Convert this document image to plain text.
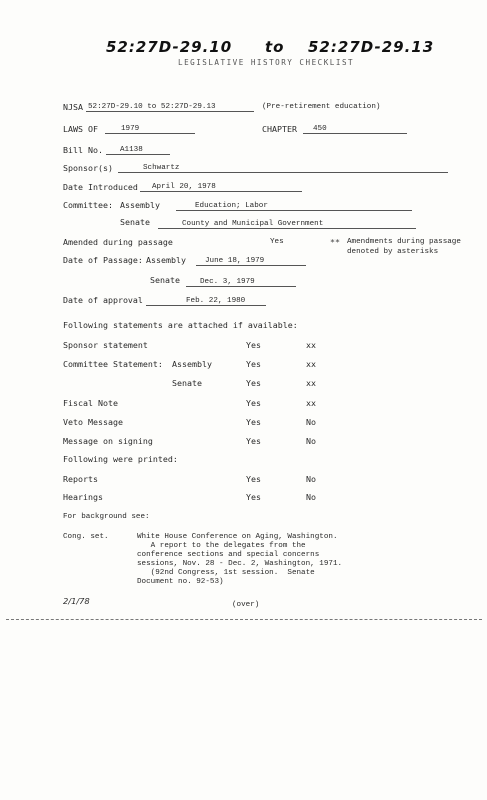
52:27D-29.10 to 52:27D-29.13
LEGISLATIVE HISTORY CHECKLIST
NJSA 52:27D-29.10 to 52:27D-29.13	(Pre-retirement education)
LAWS OF	1979	CHAPTER 450
Bill No. A1138
Sponsor(s)	Schwartz
Date Introduced April 20, 1978
Committee: Assembly	Education; Labor
Senate	County and Municipal Government
Amended during passage	Yes	** Amendments during passage
denoted by asterisks
Date of Passage: Assembly	June 18, 1979
Senate	Dec. 3, 1979
Date of approval	Feb. 22, 1980
Following statements are attached if available:
Sponsor statement	Yes	xx
Committee Statement: Assembly	Yes	xx
Senate	Yes	xx
Fiscal Note	Yes	xx
Veto Message	Yes	No
Message on signing	Yes	No
Following were printed:
Reports	Yes	No
Hearings	Yes	No
For background see:
Cong. set.	White House Conference on Aging, Washington.
A report to the delegates from the
conference sections and special concerns
sessions, Nov. 28 - Dec. 2, Washington, 1971.
(92nd Congress, 1st session.  Senate
Document no. 92-53)
2/1/78	(over)
